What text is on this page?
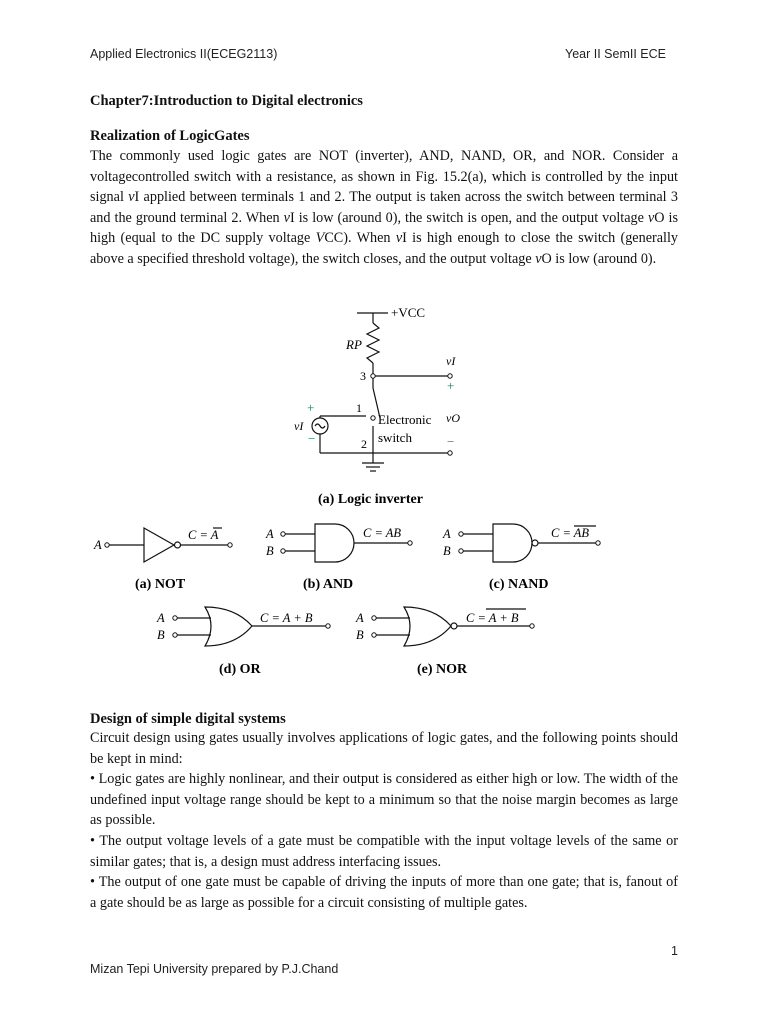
Applied Electronics II(ECEG2113)	Year II SemII ECE
Chapter7:Introduction to Digital electronics
Realization of LogicGates

The commonly used logic gates are NOT (inverter), AND, NAND, OR, and NOR. Consider a voltagecontrolled switch with a resistance, as shown in Fig. 15.2(a), which is controlled by the input signal vI applied between terminals 1 and 2. The output is taken across the switch between terminal 3 and the ground terminal 2. When vI is low (around 0), the switch is open, and the output voltage vO is high (equal to the DC supply voltage VCC). When vI is high enough to close the switch (generally above a specified threshold voltage), the switch closes, and the output voltage vO is low (around 0).

+VCC
RP
3
1
2
vI
+
vO
−
+
vI
−
Electronic
switch
(a) Logic inverter
A
C = A	A
B
C = AB	A
B
C = AB
A
B
C = A + B	A
B
C = A + B
(a) NOT	(b) AND	(c) NAND
(d) OR	(e) NOR
Design of simple digital systems

Circuit design using gates usually involves applications of logic gates, and the following points should be kept in mind:

• Logic gates are highly nonlinear, and their output is considered as either high or low. The width of the undefined input voltage range should be kept to a minimum so that the noise margin becomes as large as possible.

• The output voltage levels of a gate must be compatible with the input voltage levels of the same or similar gates; that is, a design must address interfacing issues.

• The output of one gate must be capable of driving the inputs of more than one gate; that is, fanout of a gate should be as large as possible for a circuit consisting of multiple gates.

1
Mizan Tepi University prepared by P.J.Chand
